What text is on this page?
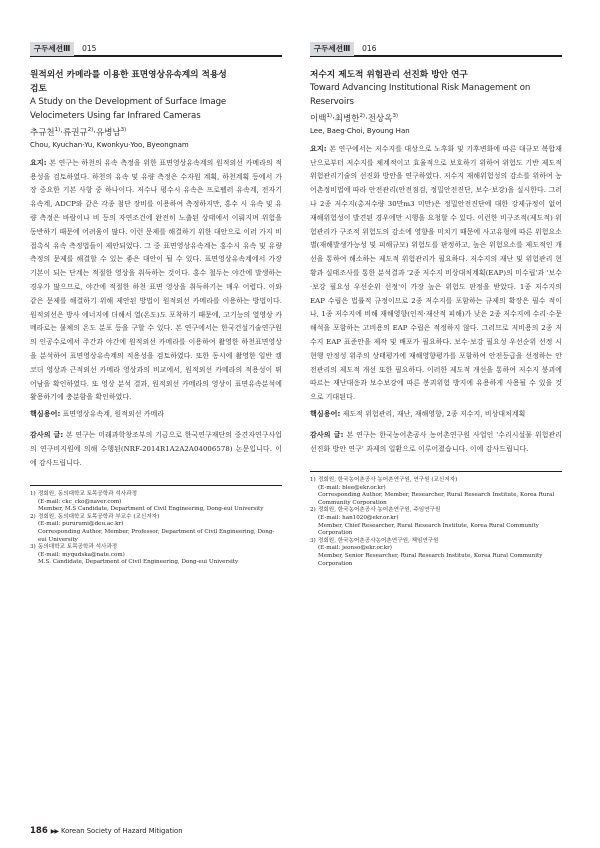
구두세션Ⅲ	015
원적외선 카메라를 이용한 표면영상유속계의 적용성
검토
A Study on the Development of Surface Image
Velocimeters Using far Infrared Cameras
추규천$^{1)}$·류권규$^{2)}$·유병남$^{3)}$
Chou, Kyuchan·Yu, Kwonkyu·Yoo, Byeongnam
요지: 본 연구는 하천의 유속 측정을 위한 표면영상유속계의 원적외선 카메라의 적용성을 검토하였다. 하천의 유속 및 유량 측정은 수자원 계획, 하천계획 등에서 가장 중요한 기본 사항 중 하나이다. 저수나 평수시 유속은 프로펠러 유속계, 전자기 유속계, ADCP와 같은 각종 첨단 장비를 이용하여 측정하지만, 홍수 시 유속 및 유량 측정은 바람이나 비 등의 자연조건에 완전히 노출된 상태에서 이뤄지며 위험을 동반하기 때문에 어려움이 많다. 이런 문제를 해결하기 위한 대안으로 이러 가지 비접촉식 유속 측정법들이 제안되었다. 그 중 표면영상유속계는 홍수시 유속 및 유량 측정의 문제를 해결할 수 있는 좋은 대안이 될 수 있다. 표면영상유속계에서 가장 기본이 되는 단계는 적절한 영상을 취득하는 것이다. 홍수 철두는 야간에 발생하는 경우가 많으므로, 야간에 적절한 하천 표면 영상을 취득하기는 매우 어렵다. 이와 같은 문제를 해결하기 위해 제안된 방법이 원적외선 카메라를 이용하는 방법이다. 원적외선은 방사 에너지에 더해서 열(온도)도 포착하기 때문에, 고기능의 열영상 카메라로는 물체의 온도 분포 등을 구할 수 있다. 본 연구에서는 한국건설기술연구원의 인공수로에서 주간과 야간에 원적외선 카메라를 이용하여 촬영한 하천표면영상을 분석하여 표면영상유속계의 적용성을 검토하였다. 또한 동시에 촬영한 일반 캠코더 영상과 근적외선 카메라 영상과의 비교에서, 원적외선 카메라의 적용성이 뛰어남을 확인하였다. 또 영상 분석 결과, 원적외선 카메라의 영상이 표면유속분석에 활용하기에 충분함을 확인하였다.
핵심용어: 표면영상유속계, 원적외선 카메라
감사의 글: 본 연구는 미래과학창조부의 기금으로 한국연구재단의 중견자연구사업의 연구비지원에 의해 수행된(NRF-2014R1A2A2A04006578) 논문입니다. 이에 감사드립니다.
1) 정회원, 동의대학교 토목공학과 석사과정
(E-mail: ckc_cko@naver.com)
Member, M.S Candidate, Department of Civil Engineering, Dong-eui University
2) 정회원, 동의대학교 토목공학과 부교수 (교신저자)
(E-mail: pururumi@deu.ac.kr)
Corresponding Author, Member, Professor, Department of Civil Engineering, Dong-eui University
3) 동의대학교 토목공학과 석사과정
(E-mail: myqudska@nate.com)
M.S. Candidate, Department of Civil Engineering, Dong-eui University
구두세션Ⅲ	016
저수지 제도적 위험관리 선진화 방안 연구
Toward Advancing Institutional Risk Management on
Reservoirs
이백$^{1)}$·최병한$^{2)}$·전상옥$^{3)}$
Lee, Baeg·Choi, Byoung Han
요지: 본 연구에서는 저수지를 대상으로 노후화 및 기후변화에 따른 대규모 복합재난으로부터 저수지를 체계적이고 효율적으로 보호하기 위하여 위험도 기반 제도적 위험관리기술의 선진화 방안을 연구하였다. 저수지 재해위험성의 감소를 위하여 농어촌정비법에 따라 안전관리(안전점검, 정밀안전진단, 보수·보강)을 실시한다. 그러나 2종 저수지(총저수량 30만m3 미만)은 정밀안전진단에 대한 강제규정이 없어 재해위험성이 발견된 경우에만 시행을 요청할 수 있다. 이런한 비구조적(제도적) 위험관리가 구조적 위험도의 감소에 영향을 미치기 때문에 사고유형에 따른 위험요소별(재해발생가능성 및 피해규모) 위험도를 판정하고, 높은 위험요소를 제도적인 개선을 통하여 해소하는 제도적 위험관리가 필요하다. 저수지의 재난 및 위험관리 현황과 실태조사를 통한 분석결과 '2종 저수지 비상대처계획(EAP)의 미수립'과 '보수·보강 필요성 우선순위 선정'이 가장 높은 위험도 판정을 받았다. 1종 저수지의 EAP 수립은 법률적 규정이므로 2종 저수지를 포함하는 규제의 확장은 필수 적이나, 1종 저수지에 비해 재해영향(인적·재산적 피해)가 낮은 2종 저수지에 수리·수문해석을 포함하는 고비용의 EAP 수립은 적정하지 않다. 그러므로 저비용의 2종 저수지 EAP 표준안을 제작 및 배포가 필요하다. 보수·보강 필요성 우선순위 선정 시 현행 안정성 위주의 상태평가에 재해영향평가를 포함하여 안전등급을 선정하는 안전관리의 제도적 개선 또한 필요하다. 이러한 제도적 개선을 통하여 저수지 붕괴에 따르는 재난대응과 보수보강에 따른 봉괴위험 방지에 유용하게 사용될 수 있을 것으로 기대된다.
핵심용어: 제도적 위험관리, 재난, 재해영향, 2종 저수지, 비상대처계획
감사의 글: 본 연구는 한국농어촌공사 농어촌연구원 사업인 '수리시설물 위험관리 선진화 방안 연구' 과제의 일환으로 이루어졌습니다. 이에 감사드립니다.
1) 정회원, 한국농어촌공사 농어촌연구원, 연구원 (교신저자)
(E-mail: blee@ekr.or.kr)
Corresponding Author, Member, Researcher, Rural Research Institute, Korea Rural Community Corporation
2) 정회원, 한국농어촌공사 농어촌연구원, 주임연구원
(E-mail: han1020@ekr.or.kr)
Member, Chief Researcher, Rural Research Institute, Korea Rural Community Corporation
3) 정회원, 한국농어촌공사농어촌연구원, 책임연구원
(E-mail: jeonso@ekr.or.kr)
Member, Senior Researcher, Rural Research Institute, Korea Rural Community Corporation
186 ▶▶ Korean Society of Hazard Mitigation
